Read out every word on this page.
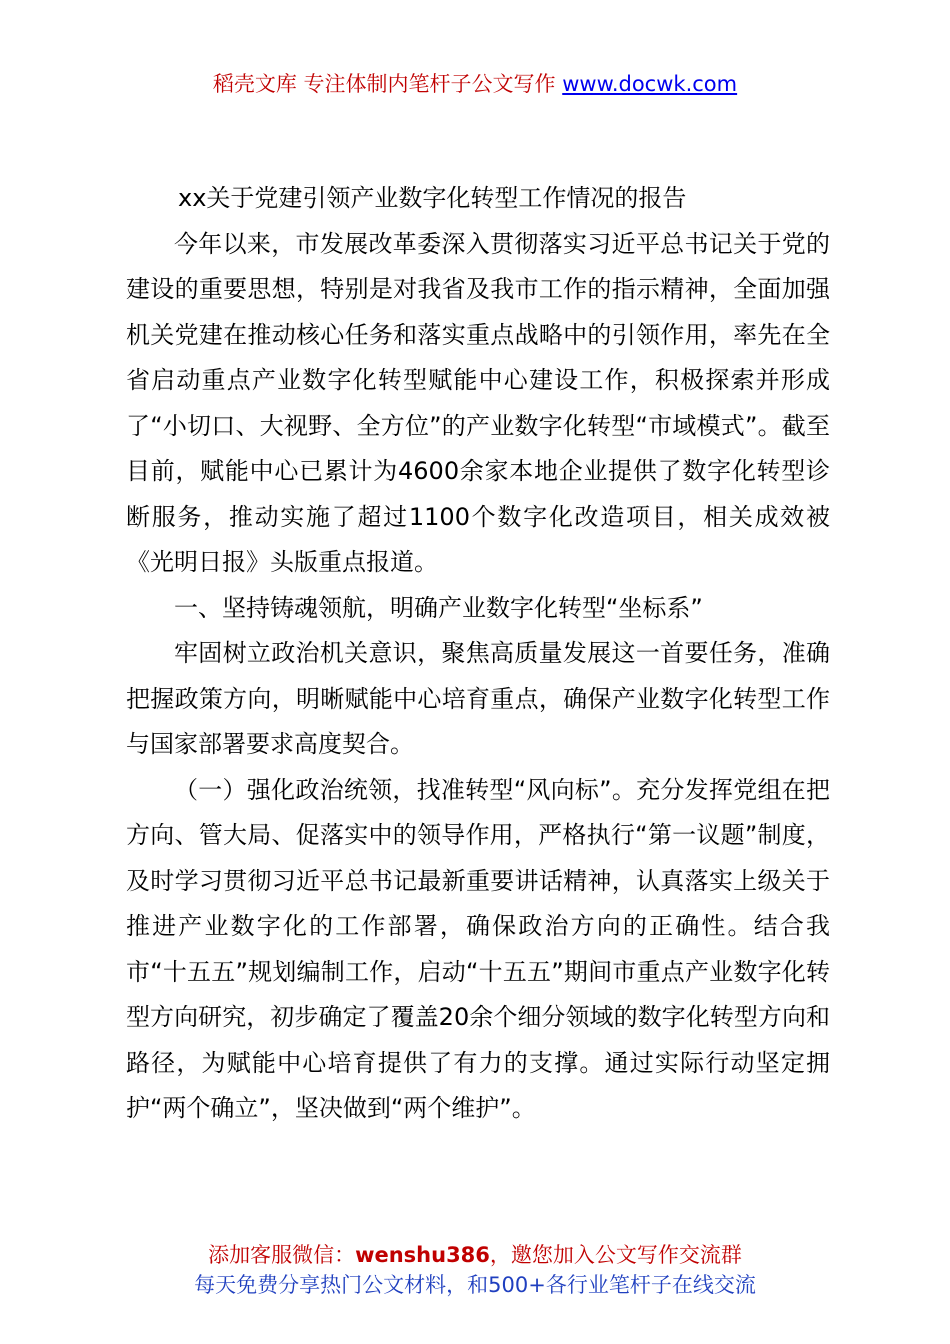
稻壳文库 专注体制内笔杆子公文写作 www.docwk.com

xx关于党建引领产业数字化转型工作情况的报告

今年以来，市发展改革委深入贯彻落实习近平总书记关于党的建设的重要思想，特别是对我省及我市工作的指示精神，全面加强机关党建在推动核心任务和落实重点战略中的引领作用，率先在全省启动重点产业数字化转型赋能中心建设工作，积极探索并形成了“小切口、大视野、全方位”的产业数字化转型“市域模式”。截至目前，赋能中心已累计为4600余家本地企业提供了数字化转型诊断服务，推动实施了超过1100个数字化改造项目，相关成效被《光明日报》头版重点报道。

一、坚持铸魂领航，明确产业数字化转型“坐标系”

牢固树立政治机关意识，聚焦高质量发展这一首要任务，准确把握政策方向，明晰赋能中心培育重点，确保产业数字化转型工作与国家部署要求高度契合。

（一）强化政治统领，找准转型“风向标”。充分发挥党组在把方向、管大局、促落实中的领导作用，严格执行“第一议题”制度，及时学习贯彻习近平总书记最新重要讲话精神，认真落实上级关于推进产业数字化的工作部署，确保政治方向的正确性。结合我市“十五五”规划编制工作，启动“十五五”期间市重点产业数字化转型方向研究，初步确定了覆盖20余个细分领域的数字化转型方向和路径，为赋能中心培育提供了有力的支撑。通过实际行动坚定拥护“两个确立”，坚决做到“两个维护”。

添加客服微信：wenshu386，邀您加入公文写作交流群
每天免费分享热门公文材料，和500+各行业笔杆子在线交流
